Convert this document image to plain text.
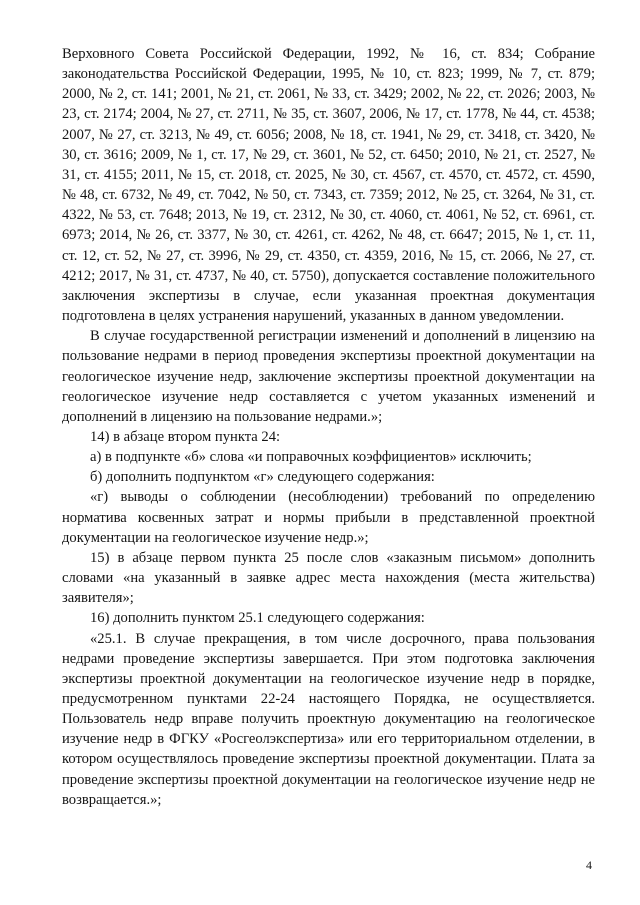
Верховного Совета Российской Федерации, 1992, № 16, ст. 834; Собрание законодательства Российской Федерации, 1995, № 10, ст. 823; 1999, № 7, ст. 879; 2000, № 2, ст. 141; 2001, № 21, ст. 2061, № 33, ст. 3429; 2002, № 22, ст. 2026; 2003, № 23, ст. 2174; 2004, № 27, ст. 2711, № 35, ст. 3607, 2006, № 17, ст. 1778, № 44, ст. 4538; 2007, № 27, ст. 3213, № 49, ст. 6056; 2008, № 18, ст. 1941, № 29, ст. 3418, ст. 3420, № 30, ст. 3616; 2009, № 1, ст. 17, № 29, ст. 3601, № 52, ст. 6450; 2010, № 21, ст. 2527, № 31, ст. 4155; 2011, № 15, ст. 2018, ст. 2025, № 30, ст. 4567, ст. 4570, ст. 4572, ст. 4590, № 48, ст. 6732, № 49, ст. 7042, № 50, ст. 7343, ст. 7359; 2012, № 25, ст. 3264, № 31, ст. 4322, № 53, ст. 7648; 2013, № 19, ст. 2312, № 30, ст. 4060, ст. 4061, № 52, ст. 6961, ст. 6973; 2014, № 26, ст. 3377, № 30, ст. 4261, ст. 4262, № 48, ст. 6647; 2015, № 1, ст. 11, ст. 12, ст. 52, № 27, ст. 3996, № 29, ст. 4350, ст. 4359, 2016, № 15, ст. 2066, № 27, ст. 4212; 2017, № 31, ст. 4737, № 40, ст. 5750), допускается составление положительного заключения экспертизы в случае, если указанная проектная документация подготовлена в целях устранения нарушений, указанных в данном уведомлении.

В случае государственной регистрации изменений и дополнений в лицензию на пользование недрами в период проведения экспертизы проектной документации на геологическое изучение недр, заключение экспертизы проектной документации на геологическое изучение недр составляется с учетом указанных изменений и дополнений в лицензию на пользование недрами.»;

14) в абзаце втором пункта 24:

а) в подпункте «б» слова «и поправочных коэффициентов» исключить;

б) дополнить подпунктом «г» следующего содержания:

«г) выводы о соблюдении (несоблюдении) требований по определению норматива косвенных затрат и нормы прибыли в представленной проектной документации на геологическое изучение недр.»;

15) в абзаце первом пункта 25 после слов «заказным письмом» дополнить словами «на указанный в заявке адрес места нахождения (места жительства) заявителя»;

16) дополнить пунктом 25.1 следующего содержания:

«25.1. В случае прекращения, в том числе досрочного, права пользования недрами проведение экспертизы завершается. При этом подготовка заключения экспертизы проектной документации на геологическое изучение недр в порядке, предусмотренном пунктами 22-24 настоящего Порядка, не осуществляется. Пользователь недр вправе получить проектную документацию на геологическое изучение недр в ФГКУ «Росгеолэкспертиза» или его территориальном отделении, в котором осуществлялось проведение экспертизы проектной документации. Плата за проведение экспертизы проектной документации на геологическое изучение недр не возвращается.»;

4
